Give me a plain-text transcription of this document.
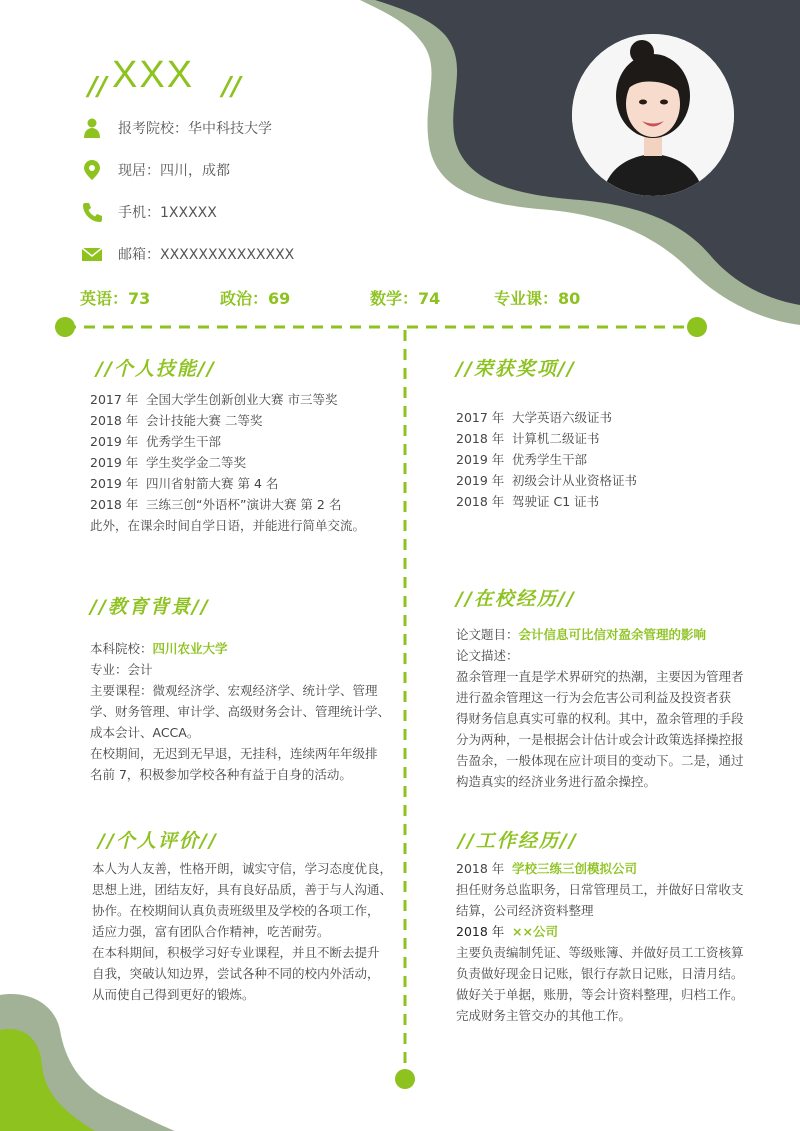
// XXX //
报考院校：华中科技大学
现居：四川，成都
手机：1XXXXX
邮箱：XXXXXXXXXXXXXX
英语：73	政治：69	数学：74	专业课：80
//个人技能//
2017 年 全国大学生创新创业大赛 市三等奖
2018 年 会计技能大赛 二等奖
2019 年 优秀学生干部
2019 年 学生奖学金二等奖
2019 年 四川省射箭大赛 第 4 名
2018 年 三练三创“外语杯”演讲大赛 第 2 名
此外，在课余时间自学日语，并能进行简单交流。
//荣获奖项//
2017 年 大学英语六级证书
2018 年 计算机二级证书
2019 年 优秀学生干部
2019 年 初级会计从业资格证书
2018 年 驾驶证 C1 证书
//教育背景//
本科院校：四川农业大学
专业：会计
主要课程：微观经济学、宏观经济学、统计学、管理
学、财务管理、审计学、高级财务会计、管理统计学、
成本会计、ACCA。
在校期间，无迟到无早退，无挂科，连续两年年级排
名前 7，积极参加学校各种有益于自身的活动。
//在校经历//
论文题目：会计信息可比信对盈余管理的影响
论文描述：
盈余管理一直是学术界研究的热潮，主要因为管理者
进行盈余管理这一行为会危害公司利益及投资者获
得财务信息真实可靠的权利。其中，盈余管理的手段
分为两种，一是根据会计估计或会计政策选择操控报
告盈余，一般体现在应计项目的变动下。二是，通过
构造真实的经济业务进行盈余操控。
//个人评价//
本人为人友善，性格开朗，诚实守信，学习态度优良，
思想上进，团结友好，具有良好品质，善于与人沟通、
协作。在校期间认真负责班级里及学校的各项工作，
适应力强，富有团队合作精神，吃苦耐劳。
在本科期间，积极学习好专业课程，并且不断去提升
自我，突破认知边界，尝试各种不同的校内外活动，
从而使自己得到更好的锻炼。
//工作经历//
2018 年 学校三练三创模拟公司
担任财务总监职务，日常管理员工，并做好日常收支
结算，公司经济资料整理
2018 年 ××公司
主要负责编制凭证、等级账簿、并做好员工工资核算
负责做好现金日记账，银行存款日记账，日清月结。
做好关于单据，账册，等会计资料整理，归档工作。
完成财务主管交办的其他工作。
